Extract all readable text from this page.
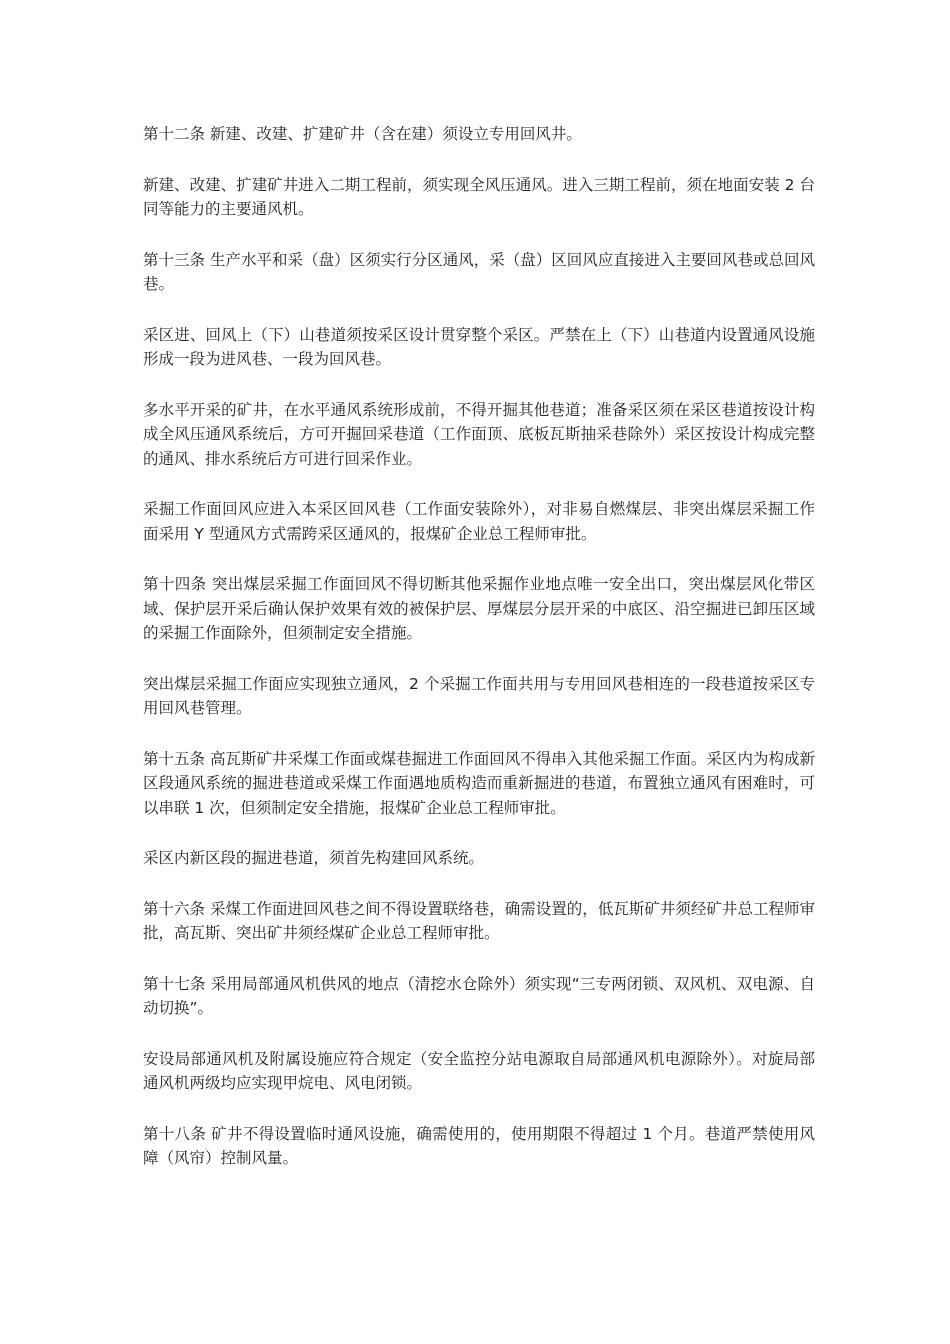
第十二条 新建、改建、扩建矿井（含在建）须设立专用回风井。

新建、改建、扩建矿井进入二期工程前，须实现全风压通风。进入三期工程前，须在地面安装 2 台同等能力的主要通风机。

第十三条 生产水平和采（盘）区须实行分区通风，采（盘）区回风应直接进入主要回风巷或总回风巷。

采区进、回风上（下）山巷道须按采区设计贯穿整个采区。严禁在上（下）山巷道内设置通风设施形成一段为进风巷、一段为回风巷。

多水平开采的矿井，在水平通风系统形成前，不得开掘其他巷道；准备采区须在采区巷道按设计构成全风压通风系统后，方可开掘回采巷道（工作面顶、底板瓦斯抽采巷除外）采区按设计构成完整的通风、排水系统后方可进行回采作业。

采掘工作面回风应进入本采区回风巷（工作面安装除外），对非易自燃煤层、非突出煤层采掘工作面采用 Y 型通风方式需跨采区通风的，报煤矿企业总工程师审批。

第十四条 突出煤层采掘工作面回风不得切断其他采掘作业地点唯一安全出口，突出煤层风化带区域、保护层开采后确认保护效果有效的被保护层、厚煤层分层开采的中底区、沿空掘进已卸压区域的采掘工作面除外，但须制定安全措施。

突出煤层采掘工作面应实现独立通风，2 个采掘工作面共用与专用回风巷相连的一段巷道按采区专用回风巷管理。

第十五条 高瓦斯矿井采煤工作面或煤巷掘进工作面回风不得串入其他采掘工作面。采区内为构成新区段通风系统的掘进巷道或采煤工作面遇地质构造而重新掘进的巷道，布置独立通风有困难时，可以串联 1 次，但须制定安全措施，报煤矿企业总工程师审批。

采区内新区段的掘进巷道，须首先构建回风系统。

第十六条 采煤工作面进回风巷之间不得设置联络巷，确需设置的，低瓦斯矿井须经矿井总工程师审批，高瓦斯、突出矿井须经煤矿企业总工程师审批。

第十七条 采用局部通风机供风的地点（清挖水仓除外）须实现“三专两闭锁、双风机、双电源、自动切换”。

安设局部通风机及附属设施应符合规定（安全监控分站电源取自局部通风机电源除外）。对旋局部通风机两级均应实现甲烷电、风电闭锁。

第十八条 矿井不得设置临时通风设施，确需使用的，使用期限不得超过 1 个月。巷道严禁使用风障（风帘）控制风量。
